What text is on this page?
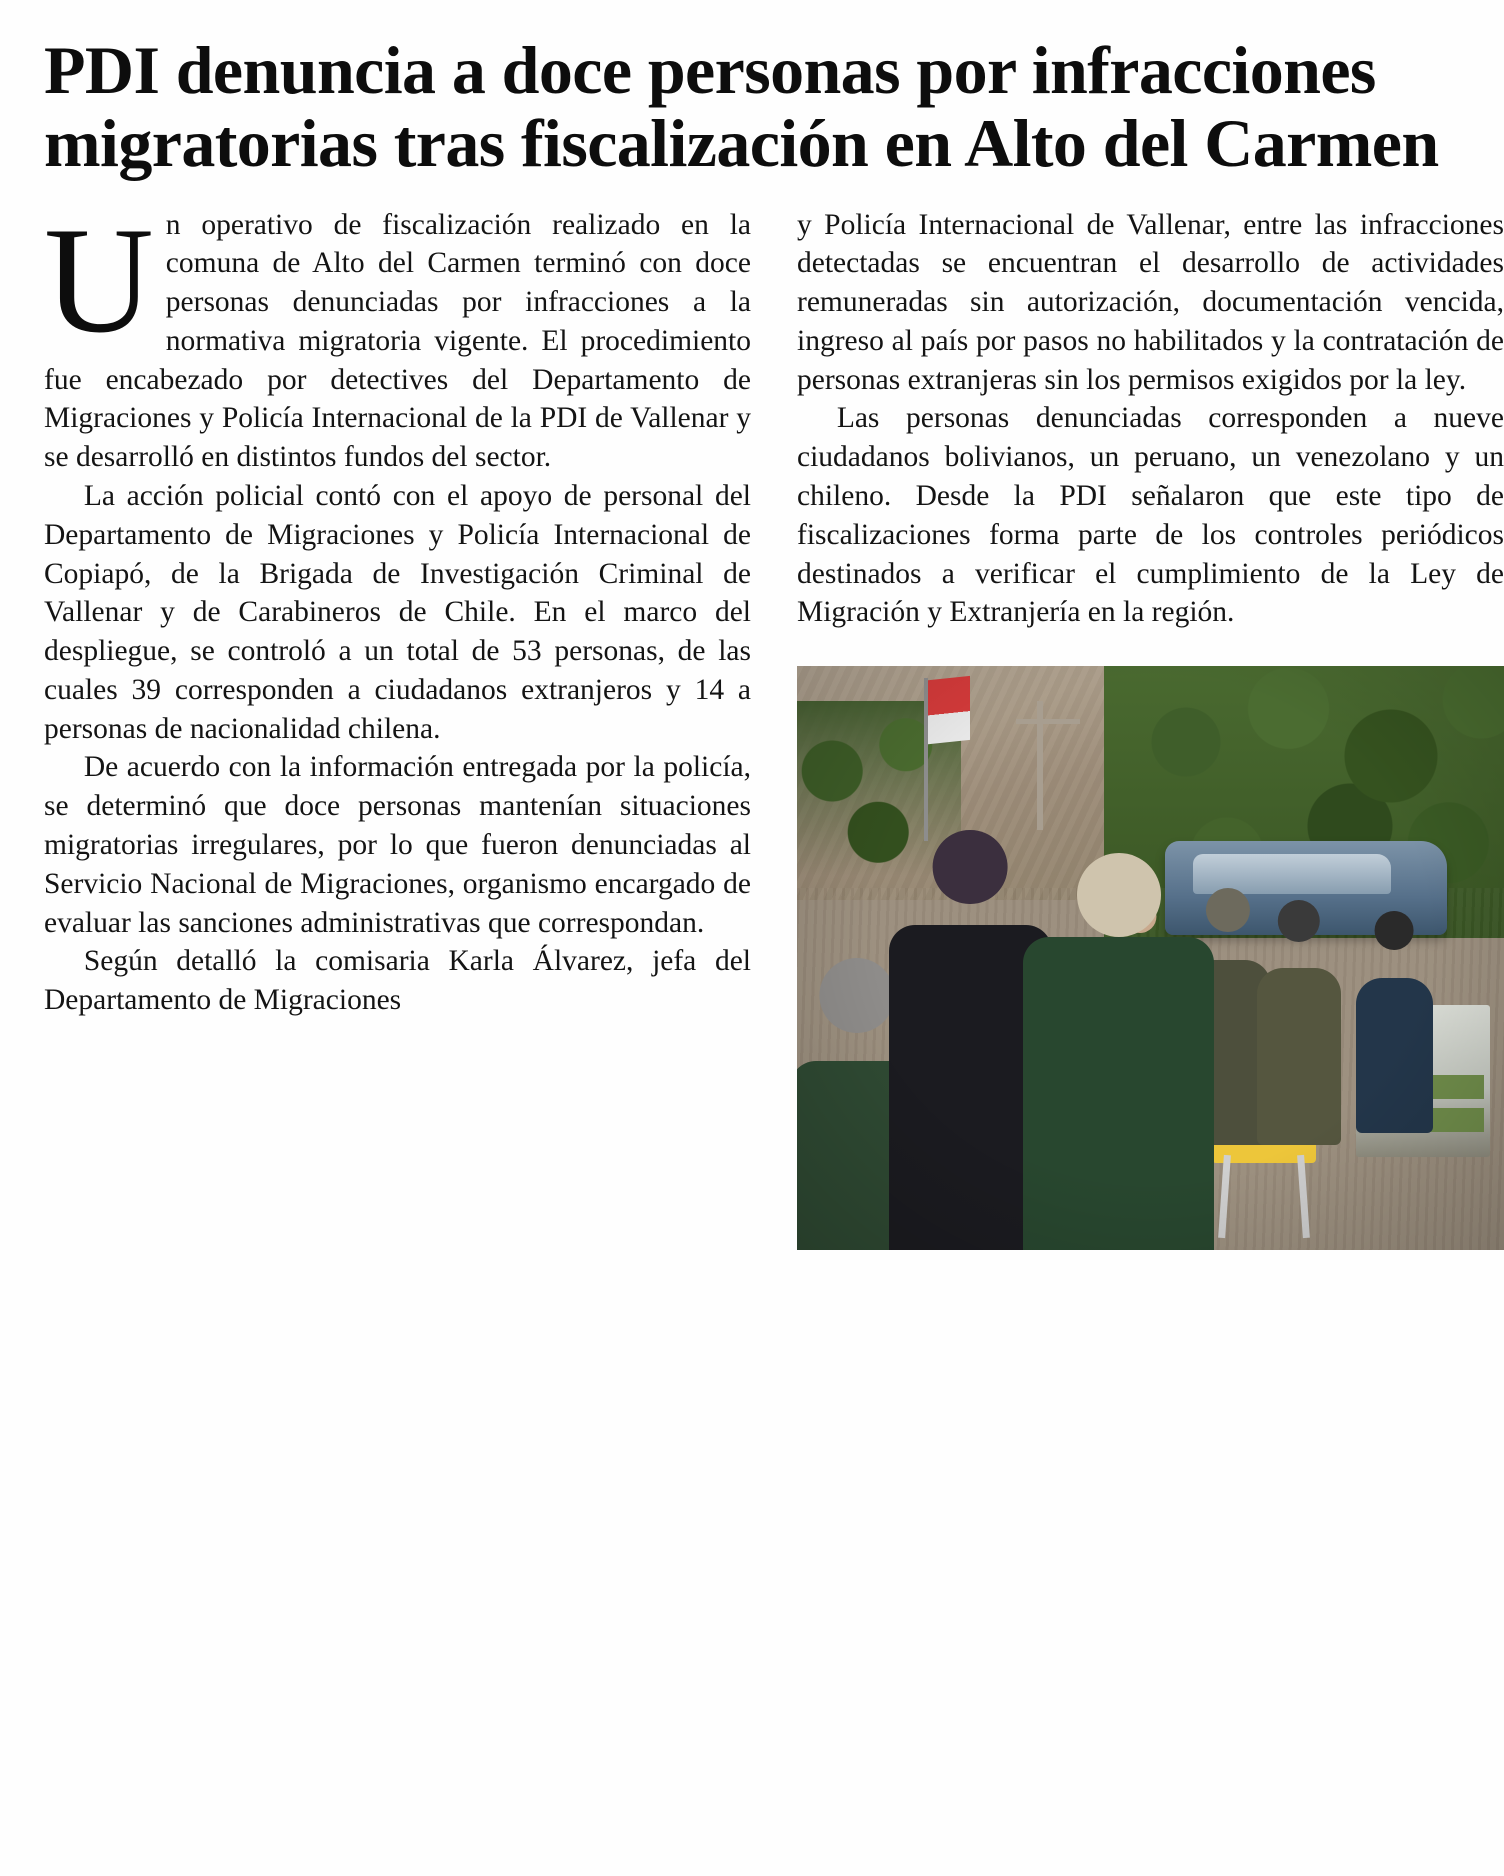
PDI denuncia a doce personas por infracciones migratorias tras fiscalización en Alto del Carmen

Un operativo de fiscalización realizado en la comuna de Alto del Carmen terminó con doce personas denunciadas por infracciones a la normativa migratoria vigente. El procedimiento fue encabezado por detectives del Departamento de Migraciones y Policía Internacional de la PDI de Vallenar y se desarrolló en distintos fundos del sector.

La acción policial contó con el apoyo de personal del Departamento de Migraciones y Policía Internacional de Copiapó, de la Brigada de Investigación Criminal de Vallenar y de Carabineros de Chile. En el marco del despliegue, se controló a un total de 53 personas, de las cuales 39 corresponden a ciudadanos extranjeros y 14 a personas de nacionalidad chilena.

De acuerdo con la información entregada por la policía, se determinó que doce personas mantenían situaciones migratorias irregulares, por lo que fueron denunciadas al Servicio Nacional de Migraciones, organismo encargado de evaluar las sanciones administrativas que correspondan.

Según detalló la comisaria Karla Álvarez, jefa del Departamento de Migraciones

y Policía Internacional de Vallenar, entre las infracciones detectadas se encuentran el desarrollo de actividades remuneradas sin autorización, documentación vencida, ingreso al país por pasos no habilitados y la contratación de personas extranjeras sin los permisos exigidos por la ley.

Las personas denunciadas corresponden a nueve ciudadanos bolivianos, un peruano, un venezolano y un chileno. Desde la PDI señalaron que este tipo de fiscalizaciones forma parte de los controles periódicos destinados a verificar el cumplimiento de la Ley de Migración y Extranjería en la región.
